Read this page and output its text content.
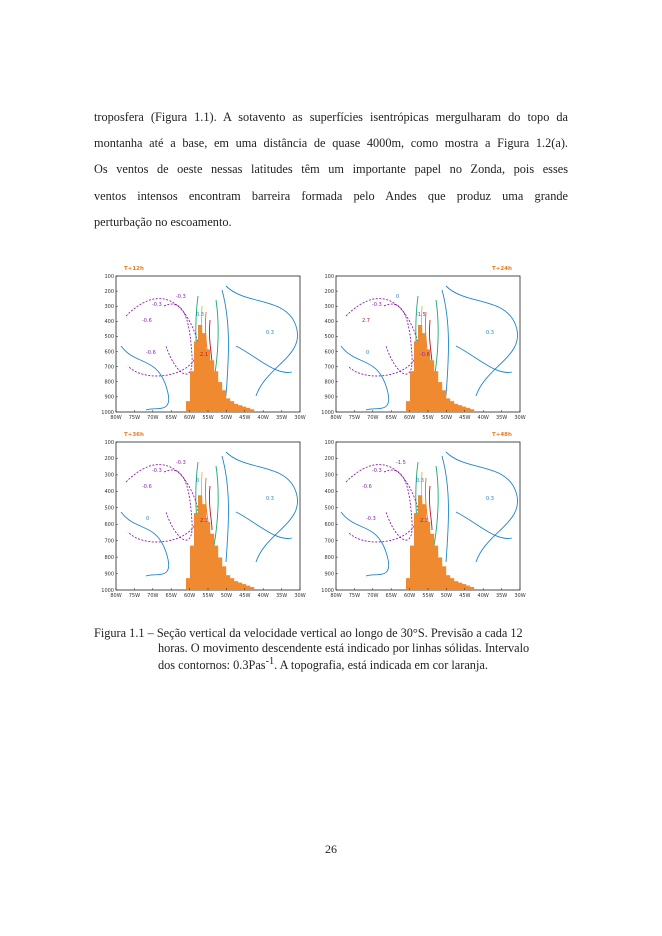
troposfera (Figura 1.1). A sotavento as superfícies isentrópicas mergulharam do topo da
montanha até a base, em uma distância de quase 4000m, como mostra a Figura 1.2(a).
Os ventos de oeste nessas latitudes têm um importante papel no Zonda, pois esses
ventos intensos encontram barreira formada pelo Andes que produz uma grande
perturbação no escoamento.
T+12h
-0.3
-0.3
0.3
-0.6
2.1
0.3
-0.6
100
200
300
400
500
600
700
800
900
1000
80W 75W 70W 65W 60W 55W 50W 45W 40W 35W 30W
T+24h
-0.3
0
-1.5
2.7
-0.6
0.3
0
100
200
300
400
500
600
700
800
900
1000
80W 75W 70W 65W 60W 55W 50W 45W 40W 35W 30W
T+36h
-0.3
-0.3
0
-0.6
2.1
0.3
0
100
200
300
400
500
600
700
800
900
1000
80W 75W 70W 65W 60W 55W 50W 45W 40W 35W 30W
T+48h
-0.3
-1.5
0.3
-0.6
2.1
0.3
-0.3
100
200
300
400
500
600
700
800
900
1000
80W 75W 70W 65W 60W 55W 50W 45W 40W 35W 30W
Figura 1.1 – Seção vertical da velocidade vertical ao longo de 30°S. Previsão a cada 12
horas. O movimento descendente está indicado por linhas sólidas. Intervalo
dos contornos: 0.3Pas$^{-1}$. A topografia, está indicada em cor laranja.
26
